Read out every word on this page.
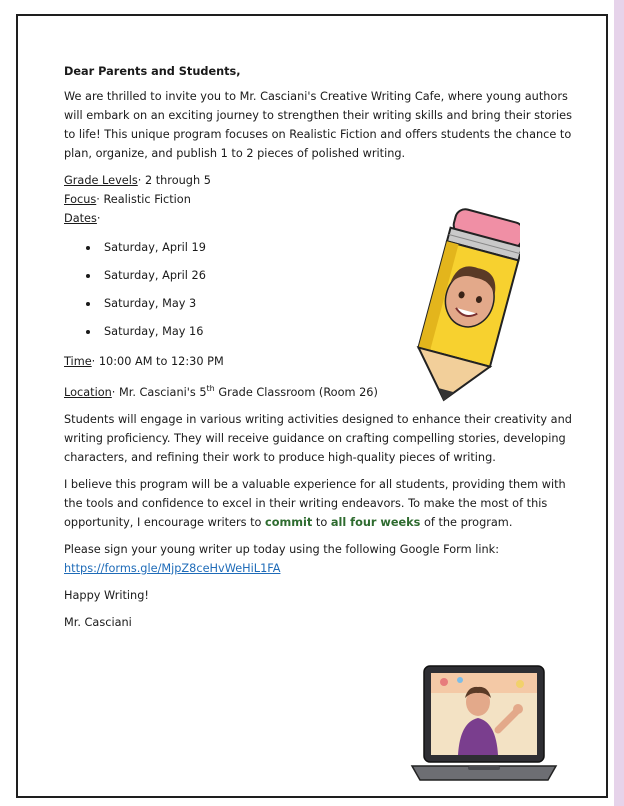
Dear Parents and Students,

We are thrilled to invite you to Mr. Casciani's Creative Writing Cafe, where young authors will embark on an exciting journey to strengthen their writing skills and bring their stories to life! This unique program focuses on Realistic Fiction and offers students the chance to plan, organize, and publish 1 to 2 pieces of polished writing.

Grade Levels· 2 through 5
Focus· Realistic Fiction
Dates·
Saturday, April 19
Saturday, April 26
Saturday, May 3
Saturday, May 16

Time· 10:00 AM to 12:30 PM

Location· Mr. Casciani's 5th Grade Classroom (Room 26)

Students will engage in various writing activities designed to enhance their creativity and writing proficiency. They will receive guidance on crafting compelling stories, developing characters, and refining their work to produce high-quality pieces of writing.

I believe this program will be a valuable experience for all students, providing them with the tools and confidence to excel in their writing endeavors. To make the most of this opportunity, I encourage writers to commit to all four weeks of the program.

Please sign your young writer up today using the following Google Form link:
https://forms.gle/MjpZ8ceHvWeHiL1FA

Happy Writing!

Mr. Casciani
